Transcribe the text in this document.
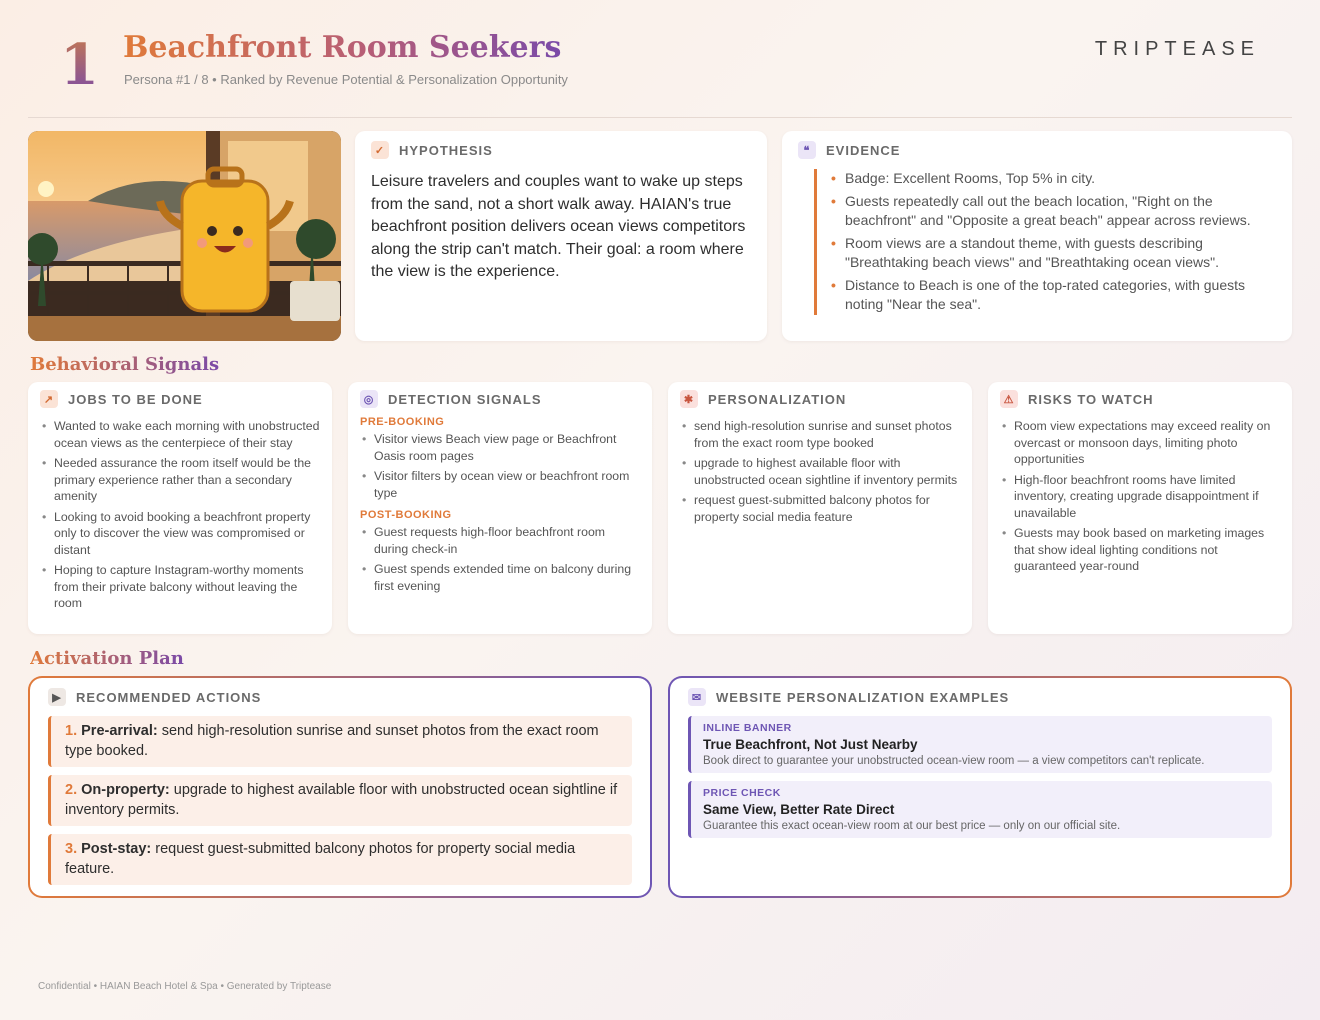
1 Beachfront Room Seekers
Persona #1 / 8 • Ranked by Revenue Potential & Personalization Opportunity
TRIPTEASE
✓ HYPOTHESIS
Leisure travelers and couples want to wake up steps from the sand, not a short walk away. HAIAN's true beachfront position delivers ocean views competitors along the strip can't match. Their goal: a room where the view is the experience.
❝	EVIDENCE
• Badge: Excellent Rooms, Top 5% in city.
• Guests repeatedly call out the beach location, "Right on the beachfront" and "Opposite a great beach" appear across reviews.
• Room views are a standout theme, with guests describing "Breathtaking beach views" and "Breathtaking ocean views".
• Distance to Beach is one of the top-rated categories, with guests noting "Near the sea".
Behavioral Signals
↗ JOBS TO BE DONE
• Wanted to wake each morning with unobstructed ocean views as the centerpiece of their stay
• Needed assurance the room itself would be the primary experience rather than a secondary amenity
• Looking to avoid booking a beachfront property only to discover the view was compromised or distant
• Hoping to capture Instagram-worthy moments from their private balcony without leaving the room
◎ DETECTION SIGNALS
PRE-BOOKING
• Visitor views Beach view page or Beachfront Oasis room pages
• Visitor filters by ocean view or beachfront room type
POST-BOOKING
• Guest requests high-floor beachfront room during check-in
• Guest spends extended time on balcony during first evening
✱ PERSONALIZATION
• send high-resolution sunrise and sunset photos from the exact room type booked
• upgrade to highest available floor with unobstructed ocean sightline if inventory permits
• request guest-submitted balcony photos for property social media feature
⚠ RISKS TO WATCH
• Room view expectations may exceed reality on overcast or monsoon days, limiting photo opportunities
• High-floor beachfront rooms have limited inventory, creating upgrade disappointment if unavailable
• Guests may book based on marketing images that show ideal lighting conditions not guaranteed year-round
Activation Plan
▶	RECOMMENDED ACTIONS
1. Pre-arrival: send high-resolution sunrise and sunset photos from the exact room type booked.
2. On-property: upgrade to highest available floor with unobstructed ocean sightline if inventory permits.
3. Post-stay: request guest-submitted balcony photos for property social media feature.
✉ WEBSITE PERSONALIZATION EXAMPLES
INLINE BANNER
True Beachfront, Not Just Nearby
Book direct to guarantee your unobstructed ocean-view room — a view competitors can't replicate.
PRICE CHECK
Same View, Better Rate Direct
Guarantee this exact ocean-view room at our best price — only on our official site.
Confidential • HAIAN Beach Hotel & Spa • Generated by Triptease
